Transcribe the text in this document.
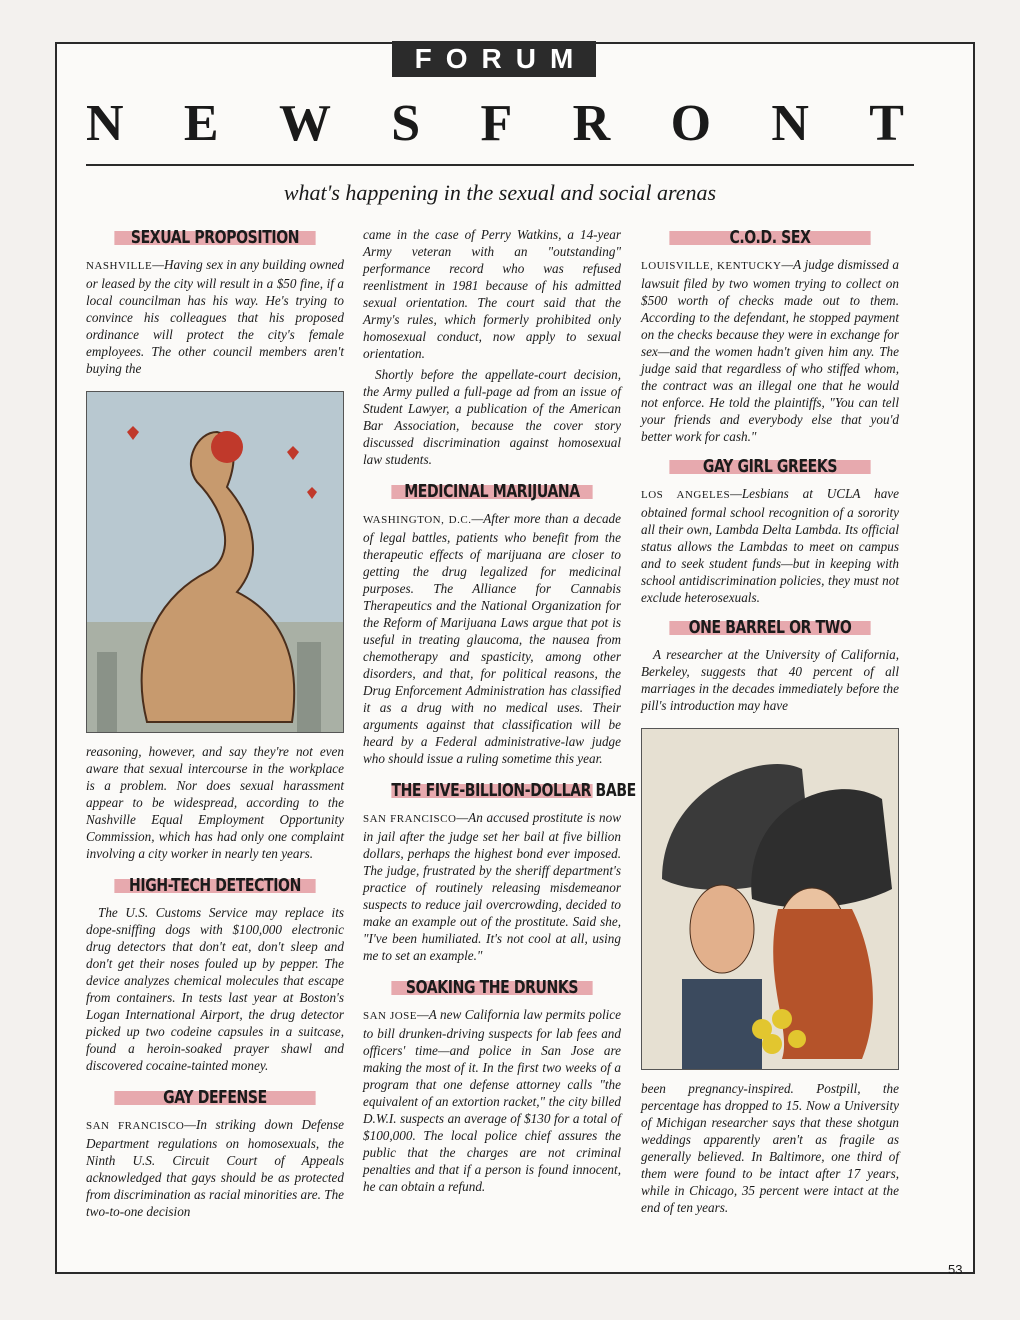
FORUM
N E W S F R O N T
what's happening in the sexual and social arenas
SEXUAL PROPOSITION

NASHVILLE—Having sex in any building owned or leased by the city will result in a $50 fine, if a local councilman has his way. He's trying to convince his colleagues that his proposed ordinance will protect the city's female employees. The other council members aren't buying the

reasoning, however, and say they're not even aware that sexual intercourse in the workplace is a problem. Nor does sexual harassment appear to be widespread, according to the Nashville Equal Employment Opportunity Commission, which has had only one complaint involving a city worker in nearly ten years.

HIGH-TECH DETECTION

The U.S. Customs Service may replace its dope-sniffing dogs with $100,000 electronic drug detectors that don't eat, don't sleep and don't get their noses fouled up by pepper. The device analyzes chemical molecules that escape from containers. In tests last year at Boston's Logan International Airport, the drug detector picked up two codeine capsules in a suitcase, found a heroin-soaked prayer shawl and discovered cocaine-tainted money.

GAY DEFENSE

SAN FRANCISCO—In striking down Defense Department regulations on homosexuals, the Ninth U.S. Circuit Court of Appeals acknowledged that gays should be as protected from discrimination as racial minorities are. The two-to-one decision

came in the case of Perry Watkins, a 14-year Army veteran with an "outstanding" performance record who was refused reenlistment in 1981 because of his admitted sexual orientation. The court said that the Army's rules, which formerly prohibited only homosexual conduct, now apply to sexual orientation.

Shortly before the appellate-court decision, the Army pulled a full-page ad from an issue of Student Lawyer, a publication of the American Bar Association, because the cover story discussed discrimination against homosexual law students.

MEDICINAL MARIJUANA

WASHINGTON, D.C.—After more than a decade of legal battles, patients who benefit from the therapeutic effects of marijuana are closer to getting the drug legalized for medicinal purposes. The Alliance for Cannabis Therapeutics and the National Organization for the Reform of Marijuana Laws argue that pot is useful in treating glaucoma, the nausea from chemotherapy and spasticity, among other disorders, and that, for political reasons, the Drug Enforcement Administration has classified it as a drug with no medical uses. Their arguments against that classification will be heard by a Federal administrative-law judge who should issue a ruling sometime this year.

THE FIVE-BILLION-DOLLAR BABE

SAN FRANCISCO—An accused prostitute is now in jail after the judge set her bail at five billion dollars, perhaps the highest bond ever imposed. The judge, frustrated by the sheriff department's practice of routinely releasing misdemeanor suspects to reduce jail overcrowding, decided to make an example out of the prostitute. Said she, "I've been humiliated. It's not cool at all, using me to set an example."

SOAKING THE DRUNKS

SAN JOSE—A new California law permits police to bill drunken-driving suspects for lab fees and officers' time—and police in San Jose are making the most of it. In the first two weeks of a program that one defense attorney calls "the equivalent of an extortion racket," the city billed D.W.I. suspects an average of $130 for a total of $100,000. The local police chief assures the public that the charges are not criminal penalties and that if a person is found innocent, he can obtain a refund.

C.O.D. SEX

LOUISVILLE, KENTUCKY—A judge dismissed a lawsuit filed by two women trying to collect on $500 worth of checks made out to them. According to the defendant, he stopped payment on the checks because they were in exchange for sex—and the women hadn't given him any. The judge said that regardless of who stiffed whom, the contract was an illegal one that he would not enforce. He told the plaintiffs, "You can tell your friends and everybody else that you'd better work for cash."

GAY GIRL GREEKS

LOS ANGELES—Lesbians at UCLA have obtained formal school recognition of a sorority all their own, Lambda Delta Lambda. Its official status allows the Lambdas to meet on campus and to seek student funds—but in keeping with school antidiscrimination policies, they must not exclude heterosexuals.

ONE BARREL OR TWO

A researcher at the University of California, Berkeley, suggests that 40 percent of all marriages in the decades immediately before the pill's introduction may have

been pregnancy-inspired. Postpill, the percentage has dropped to 15. Now a University of Michigan researcher says that these shotgun weddings apparently aren't as fragile as generally believed. In Baltimore, one third of them were found to be intact after 17 years, while in Chicago, 35 percent were intact at the end of ten years.

53
